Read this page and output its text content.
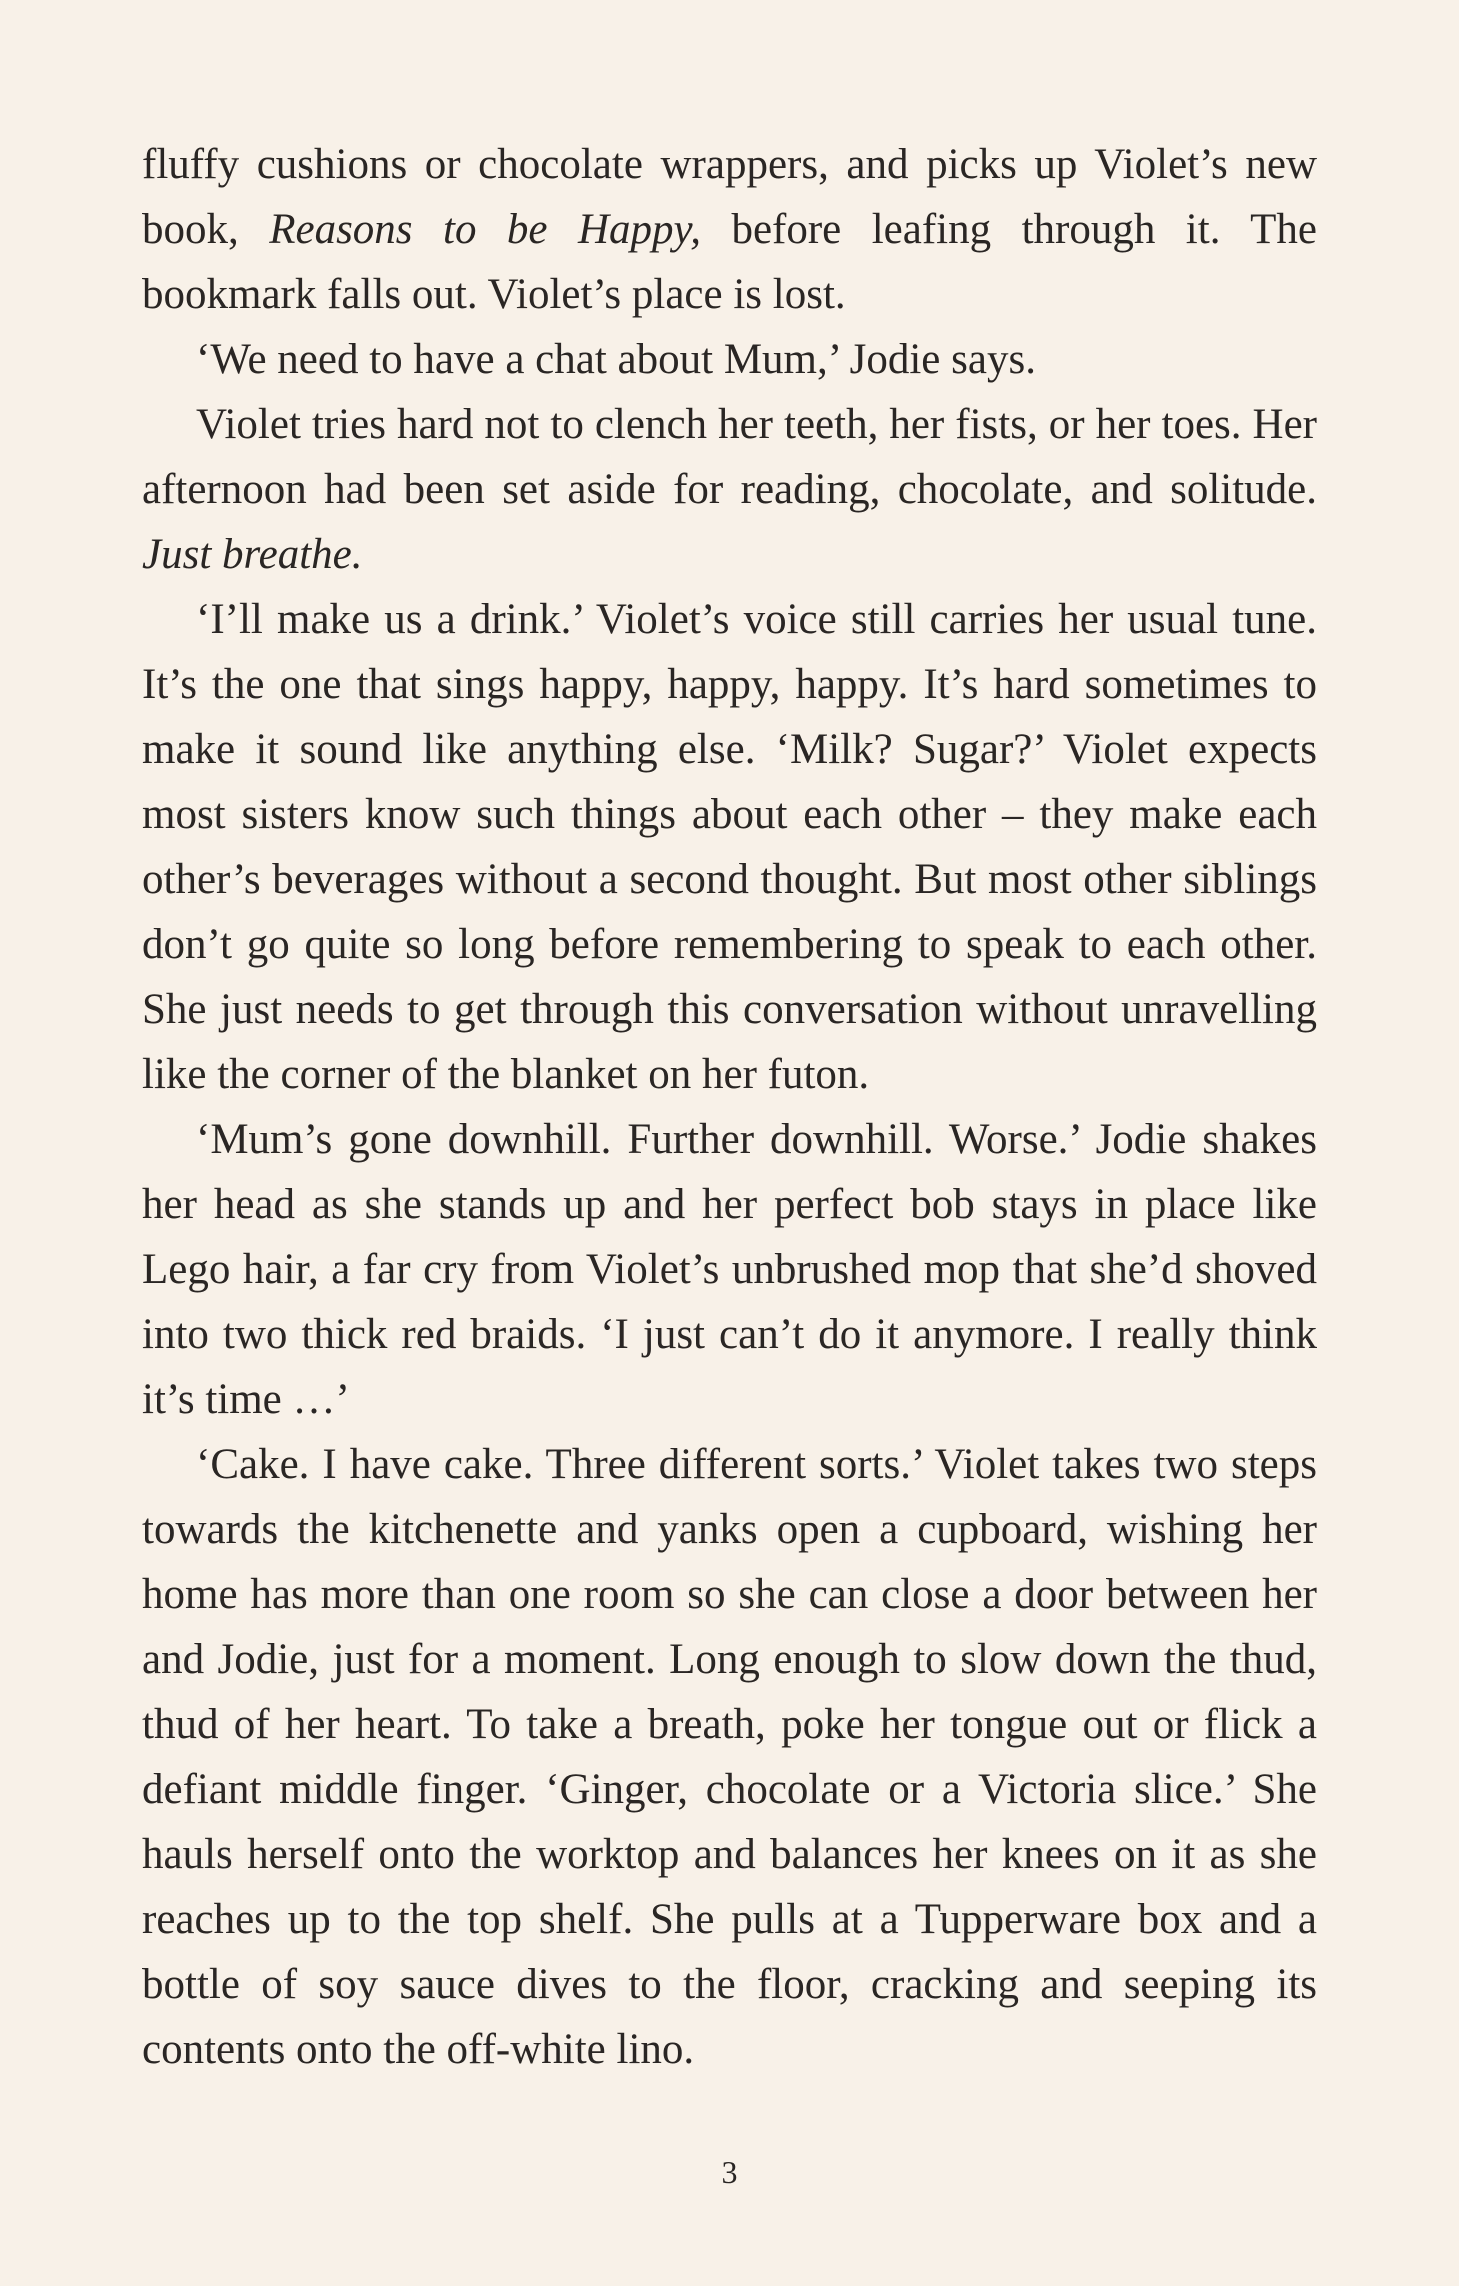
fluffy cushions or chocolate wrappers, and picks up Violet’s new book, Reasons to be Happy, before leafing through it. The bookmark falls out. Violet’s place is lost.

‘We need to have a chat about Mum,’ Jodie says.

Violet tries hard not to clench her teeth, her fists, or her toes. Her afternoon had been set aside for reading, chocolate, and solitude. Just breathe.

‘I’ll make us a drink.’ Violet’s voice still carries her usual tune. It’s the one that sings happy, happy, happy. It’s hard sometimes to make it sound like anything else. ‘Milk? Sugar?’ Violet expects most sisters know such things about each other – they make each other’s beverages without a second thought. But most other siblings don’t go quite so long before remembering to speak to each other. She just needs to get through this conversation without unravelling like the corner of the blanket on her futon.

‘Mum’s gone downhill. Further downhill. Worse.’ Jodie shakes her head as she stands up and her perfect bob stays in place like Lego hair, a far cry from Violet’s unbrushed mop that she’d shoved into two thick red braids. ‘I just can’t do it anymore. I really think it’s time …’

‘Cake. I have cake. Three different sorts.’ Violet takes two steps towards the kitchenette and yanks open a cupboard, wishing her home has more than one room so she can close a door between her and Jodie, just for a moment. Long enough to slow down the thud, thud of her heart. To take a breath, poke her tongue out or flick a defiant middle finger. ‘Ginger, chocolate or a Victoria slice.’ She hauls herself onto the worktop and balances her knees on it as she reaches up to the top shelf. She pulls at a Tupperware box and a bottle of soy sauce dives to the floor, cracking and seeping its contents onto the off-white lino.

3
